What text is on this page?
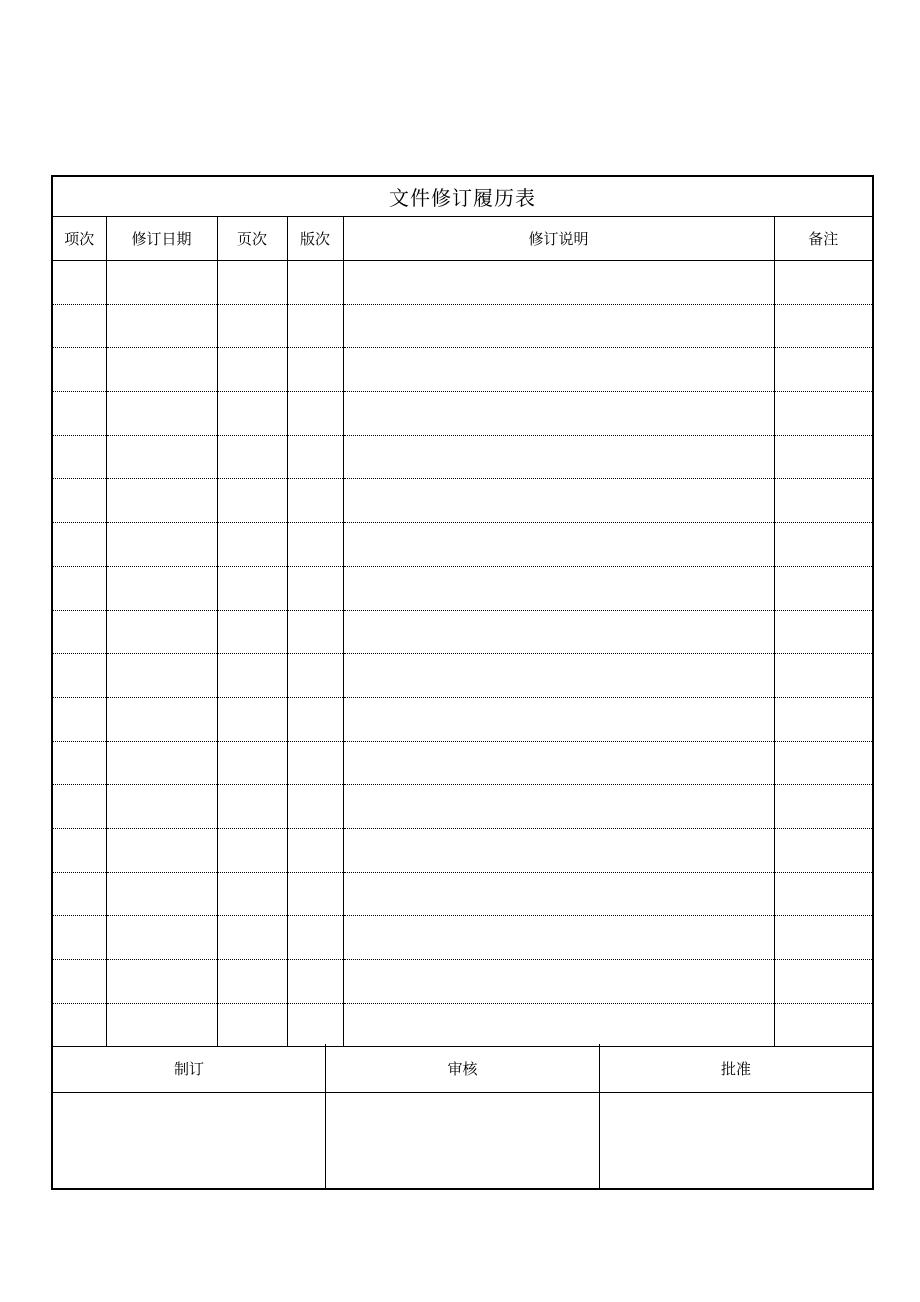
文件修订履历表
项次	修订日期	页次	版次	修订说明	备注

制订	审核	批准
